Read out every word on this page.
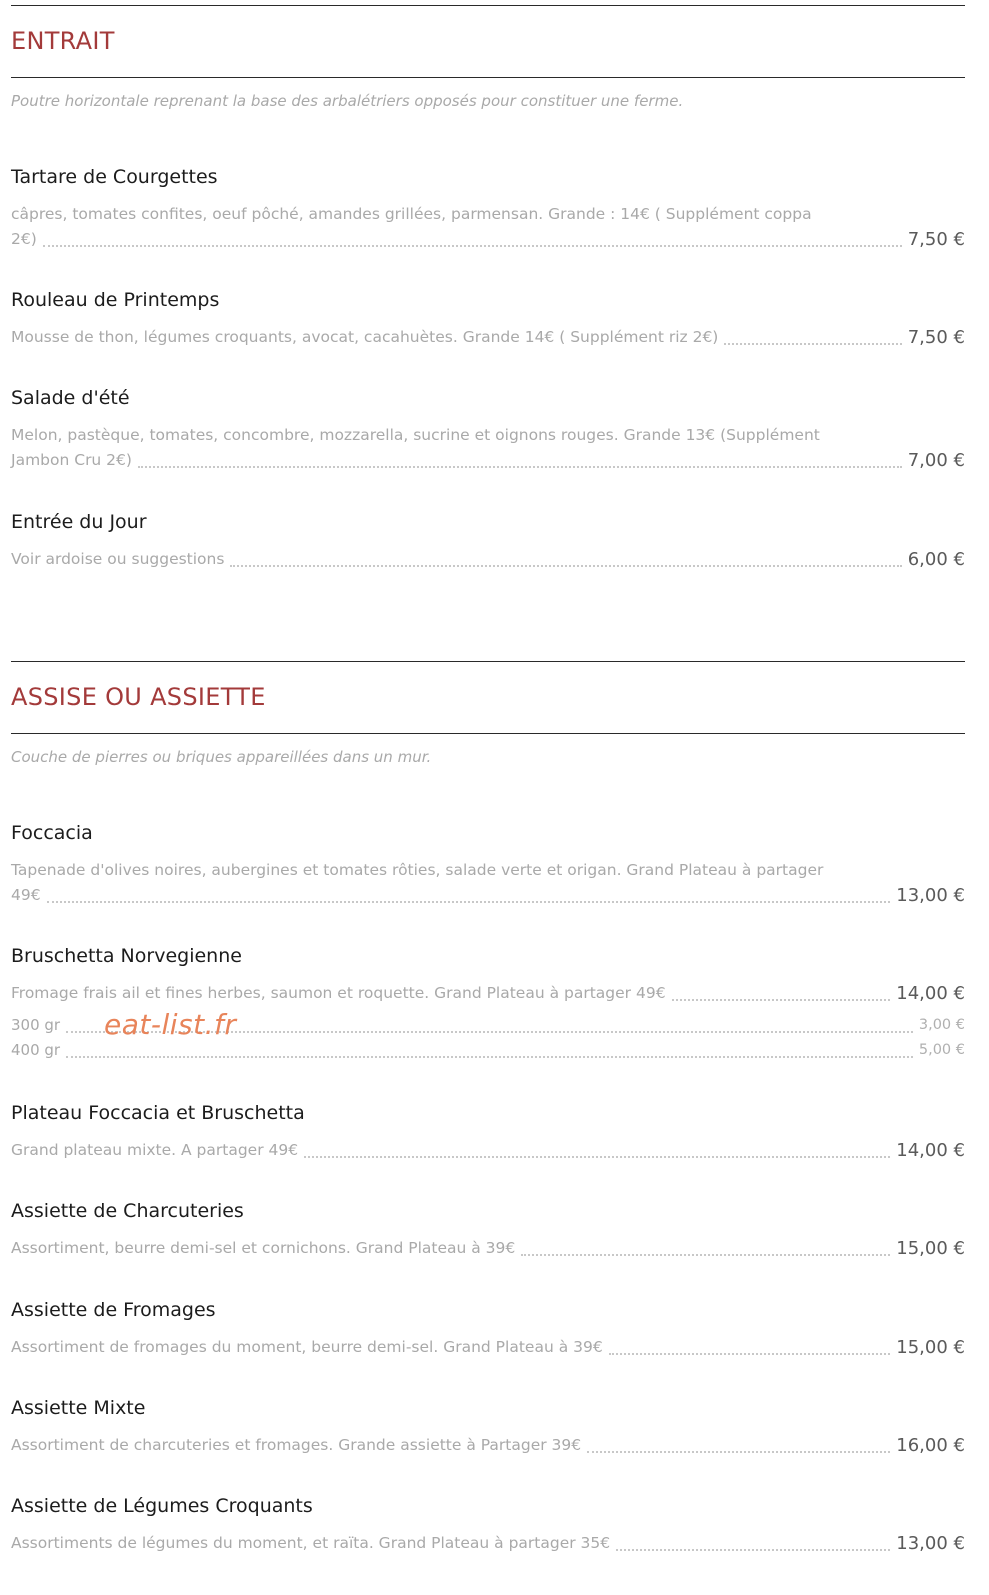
ENTRAIT

Poutre horizontale reprenant la base des arbalétriers opposés pour constituer une ferme.

Tartare de Courgettes

câpres, tomates confites, oeuf pôché, amandes grillées, parmensan. Grande : 14€ ( Supplément coppa
2€)	7,50 €

Rouleau de Printemps

Mousse de thon, légumes croquants, avocat, cacahuètes. Grande 14€ ( Supplément riz 2€)	7,50 €

Salade d'été

Melon, pastèque, tomates, concombre, mozzarella, sucrine et oignons rouges. Grande 13€ (Supplément
Jambon Cru 2€)	7,00 €

Entrée du Jour

Voir ardoise ou suggestions	6,00 €
ASSISE OU ASSIETTE

Couche de pierres ou briques appareillées dans un mur.

Foccacia

Tapenade d'olives noires, aubergines et tomates rôties, salade verte et origan. Grand Plateau à partager
49€	13,00 €

Bruschetta Norvegienne

Fromage frais ail et fines herbes, saumon et roquette. Grand Plateau à partager 49€	14,00 €
300 gr	3,00 €
400 gr	5,00 €

Plateau Foccacia et Bruschetta

Grand plateau mixte. A partager 49€	14,00 €

Assiette de Charcuteries

Assortiment, beurre demi-sel et cornichons. Grand Plateau à 39€	15,00 €

Assiette de Fromages

Assortiment de fromages du moment, beurre demi-sel. Grand Plateau à 39€	15,00 €

Assiette Mixte

Assortiment de charcuteries et fromages. Grande assiette à Partager 39€	16,00 €

Assiette de Légumes Croquants

Assortiments de légumes du moment, et raïta. Grand Plateau à partager 35€	13,00 €
eat-list.fr
